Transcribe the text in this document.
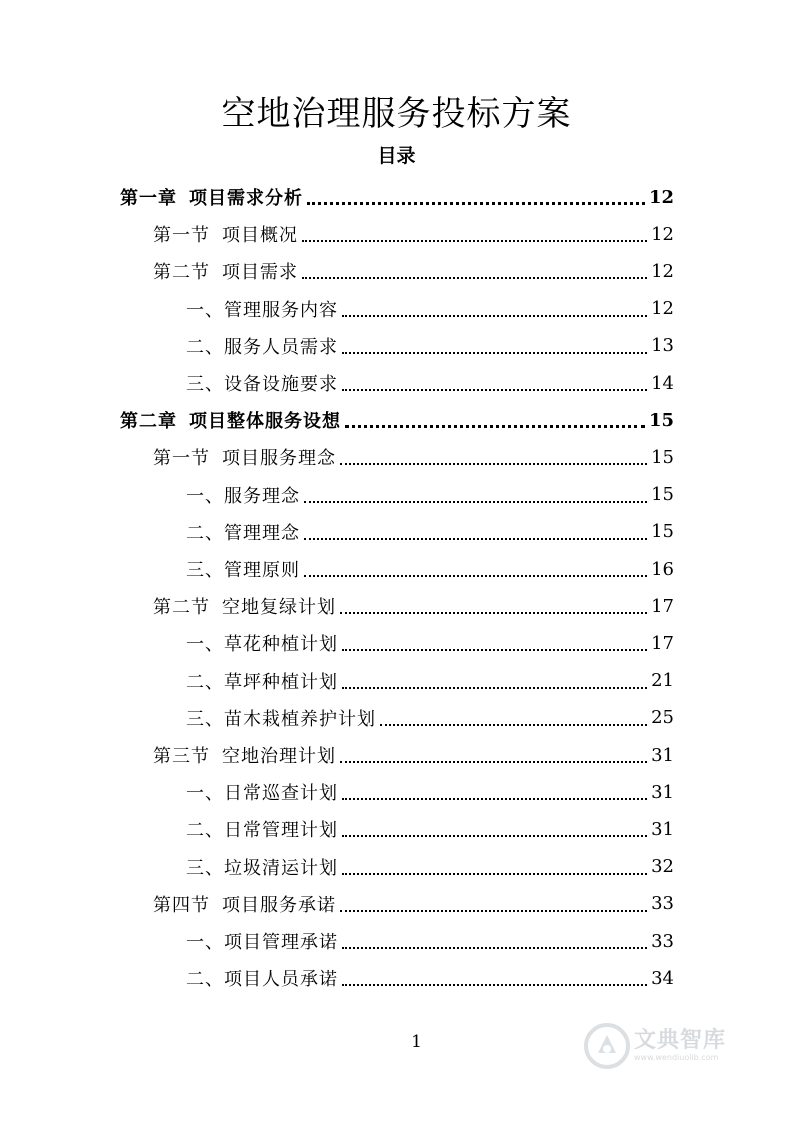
空地治理服务投标方案
目录
第一章 项目需求分析	12
第一节 项目概况	12
第二节 项目需求	12
一、管理服务内容	12
二、服务人员需求	13
三、设备设施要求	14
第二章 项目整体服务设想	15
第一节 项目服务理念	15
一、服务理念	15
二、管理理念	15
三、管理原则	16
第二节 空地复绿计划	17
一、草花种植计划	17
二、草坪种植计划	21
三、苗木栽植养护计划	25
第三节 空地治理计划	31
一、日常巡查计划	31
二、日常管理计划	31
三、垃圾清运计划	32
第四节 项目服务承诺	33
一、项目管理承诺	33
二、项目人员承诺	34
1	文典智库
www.wendiuolib.com
